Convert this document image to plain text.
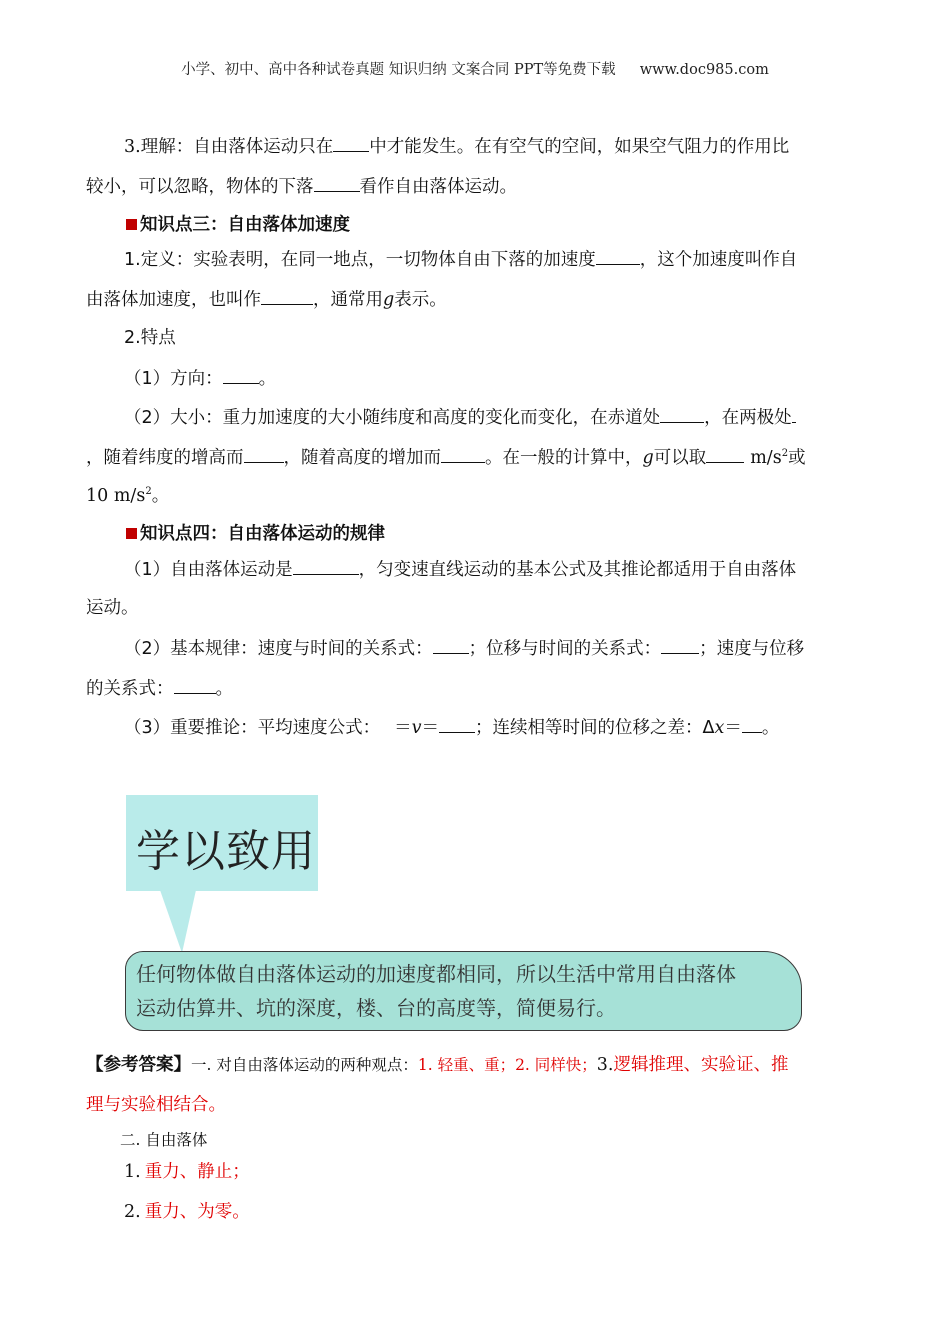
小学、初中、高中各种试卷真题 知识归纳 文案合同 PPT等免费下载 www.doc985.com
3.理解：自由落体运动只在 中才能发生。在有空气的空间，如果空气阻力的作用比
较小，可以忽略，物体的下落	看作自由落体运动。
知识点三：自由落体加速度
1.定义：实验表明，在同一地点，一切物体自由下落的加速度	，这个加速度叫作自
由落体加速度，也叫作	，通常用g表示。
2.特点
（1）方向： 。
（2）大小：重力加速度的大小随纬度和高度的变化而变化，在赤道处	，在两极处
，随着纬度的增高而 ，随着高度的增加而	。在一般的计算中，g可以取	$m/s^2$或
10 $m/s^2$。
知识点四：自由落体运动的规律
（1）自由落体运动是	，匀变速直线运动的基本公式及其推论都适用于自由落体
运动。
（2）基本规律：速度与时间的关系式： ；位移与时间的关系式： ；速度与位移
的关系式： 。
（3）重要推论：平均速度公式： ＝v＝ ；连续相等时间的位移之差：Δx＝ 。
学以致用
任何物体做自由落体运动的加速度都相同，所以生活中常用自由落体
运动估算井、坑的深度，楼、台的高度等，简便易行。
【参考答案】一. 对自由落体运动的两种观点：1. 轻重、重；2. 同样快；3.逻辑推理、实验证、推
理与实验相结合。
二. 自由落体
1. 重力、静止；
2. 重力、为零。
